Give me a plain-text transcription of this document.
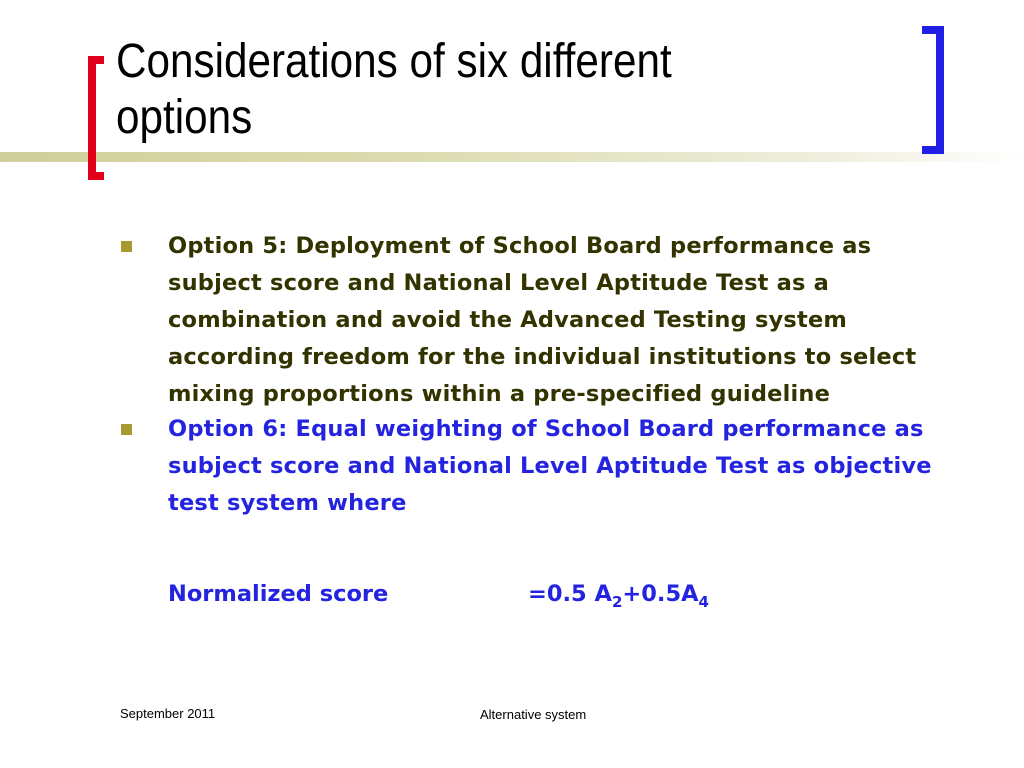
Considerations of six different
options
Option 5: Deployment of School Board performance as subject score and National Level Aptitude Test as a combination and avoid the Advanced Testing system according freedom for the individual institutions to select mixing proportions within a pre-specified guideline
Option 6: Equal weighting of School Board performance as subject score and National Level Aptitude Test as objective test system where
Normalized score	=0.5 $A_2+0.5A_4$
September 2011	Alternative system
